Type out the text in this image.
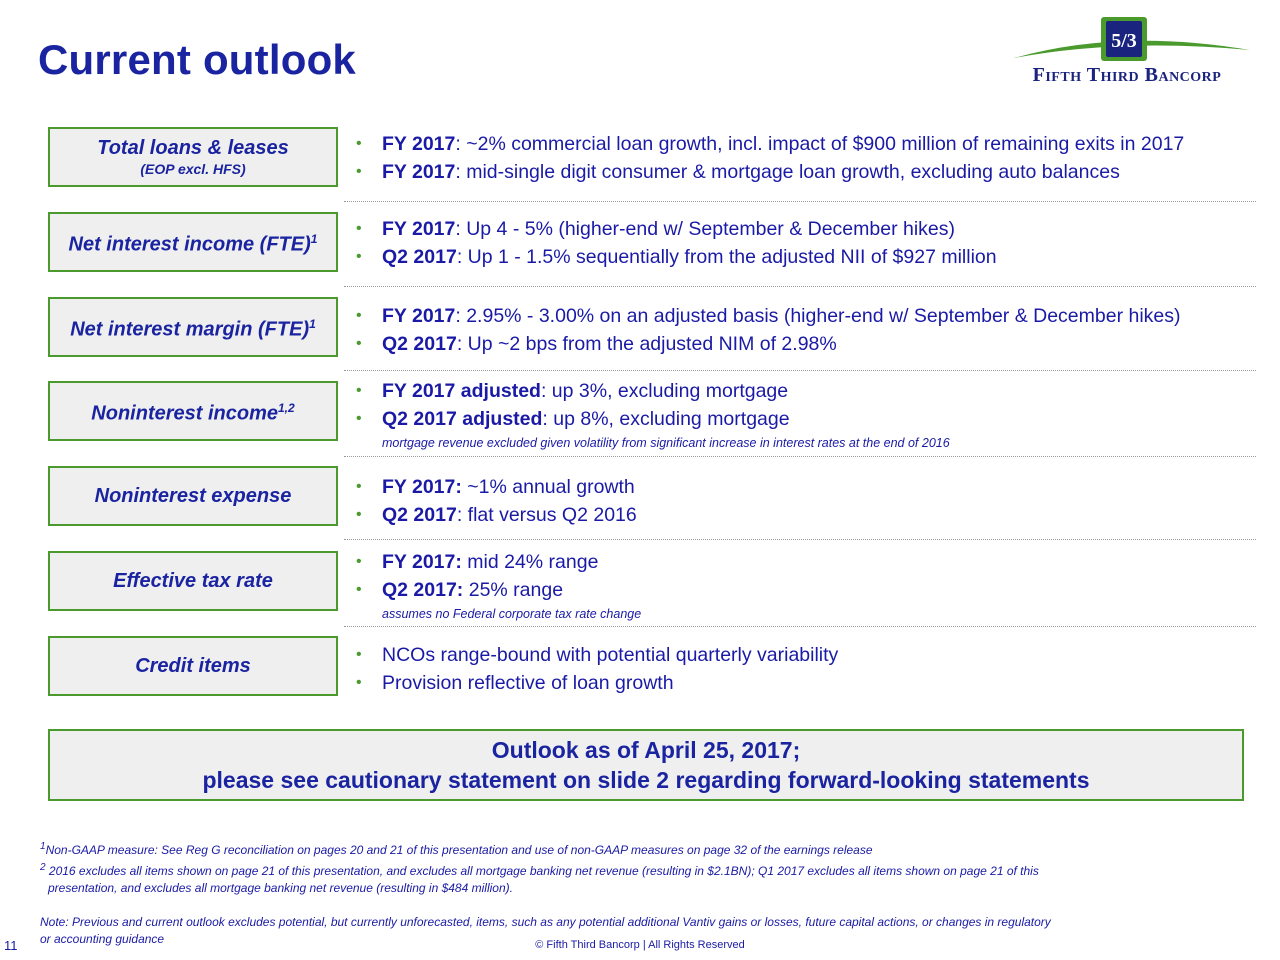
Current outlook	5/3
Fifth Third Bancorp
Total loans & leases
(EOP excl. HFS)
Net interest income (FTE)$^1$
Net interest margin (FTE)$^1$
Noninterest income$^{1,2}$
Noninterest expense
Effective tax rate
Credit items
• FY 2017: ~2% commercial loan growth, incl. impact of $900 million of remaining exits in 2017
• FY 2017: mid-single digit consumer & mortgage loan growth, excluding auto balances
• FY 2017: Up 4 - 5% (higher-end w/ September & December hikes)
• Q2 2017: Up 1 - 1.5% sequentially from the adjusted NII of $927 million
• FY 2017: 2.95% - 3.00% on an adjusted basis (higher-end w/ September & December hikes)
• Q2 2017: Up ~2 bps from the adjusted NIM of 2.98%
• FY 2017 adjusted: up 3%, excluding mortgage
• Q2 2017 adjusted: up 8%, excluding mortgage
mortgage revenue excluded given volatility from significant increase in interest rates at the end of 2016
• FY 2017: ~1% annual growth
• Q2 2017: flat versus Q2 2016
• FY 2017: mid 24% range
• Q2 2017: 25% range
assumes no Federal corporate tax rate change
• NCOs range-bound with potential quarterly variability
• Provision reflective of loan growth
Outlook as of April 25, 2017;
please see cautionary statement on slide 2 regarding forward-looking statements

$^1$Non-GAAP measure: See Reg G reconciliation on pages 20 and 21 of this presentation and use of non-GAAP measures on page 32 of the earnings release

$^2$ 2016 excludes all items shown on page 21 of this presentation, and excludes all mortgage banking net revenue (resulting in $2.1BN); Q1 2017 excludes all items shown on page 21 of this

presentation, and excludes all mortgage banking net revenue (resulting in $484 million).

Note: Previous and current outlook excludes potential, but currently unforecasted, items, such as any potential additional Vantiv gains or losses, future capital actions, or changes in regulatory

or accounting guidance

11	© Fifth Third Bancorp | All Rights Reserved
